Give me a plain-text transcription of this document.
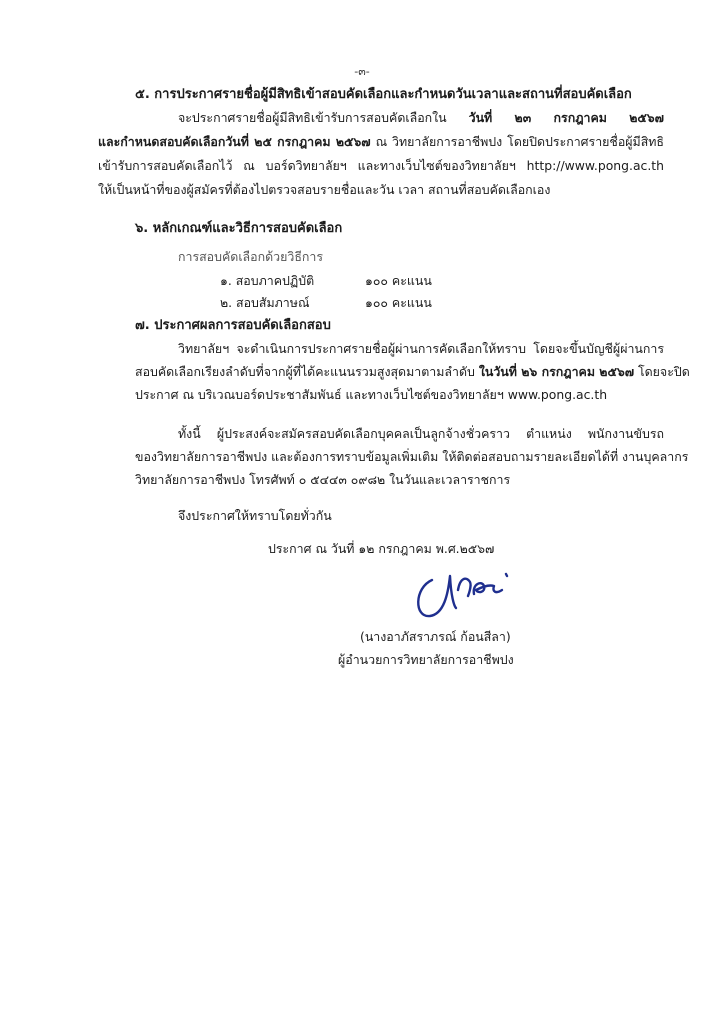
-๓-
๕. การประกาศรายชื่อผู้มีสิทธิเข้าสอบคัดเลือกและกำหนดวันเวลาและสถานที่สอบคัดเลือก
จะประกาศรายชื่อผู้มีสิทธิเข้ารับการสอบคัดเลือกใน วันที่ ๒๓ กรกฎาคม ๒๕๖๗
และกำหนดสอบคัดเลือกวันที่ ๒๕ กรกฎาคม ๒๕๖๗ ณ วิทยาลัยการอาชีพปง โดยปิดประกาศรายชื่อผู้มีสิทธิ
เข้ารับการสอบคัดเลือกไว้ ณ บอร์ดวิทยาลัยฯ และทางเว็บไซต์ของวิทยาลัยฯ http://www.pong.ac.th
ให้เป็นหน้าที่ของผู้สมัครที่ต้องไปตรวจสอบรายชื่อและวัน เวลา สถานที่สอบคัดเลือกเอง
๖. หลักเกณฑ์และวิธีการสอบคัดเลือก
การสอบคัดเลือกด้วยวิธีการ
๑. สอบภาคปฏิบัติ	๑๐๐ คะแนน
๒. สอบสัมภาษณ์	๑๐๐ คะแนน
๗. ประกาศผลการสอบคัดเลือกสอบ
วิทยาลัยฯ จะดำเนินการประกาศรายชื่อผู้ผ่านการคัดเลือกให้ทราบ โดยจะขึ้นบัญชีผู้ผ่านการ
สอบคัดเลือกเรียงลำดับที่จากผู้ที่ได้คะแนนรวมสูงสุดมาตามลำดับ ในวันที่ ๒๖ กรกฎาคม ๒๕๖๗ โดยจะปิด
ประกาศ ณ บริเวณบอร์ดประชาสัมพันธ์ และทางเว็บไซต์ของวิทยาลัยฯ www.pong.ac.th
ทั้งนี้ ผู้ประสงค์จะสมัครสอบคัดเลือกบุคคลเป็นลูกจ้างชั่วคราว ตำแหน่ง พนักงานขับรถ
ของวิทยาลัยการอาชีพปง และต้องการทราบข้อมูลเพิ่มเติม ให้ติดต่อสอบถามรายละเอียดได้ที่ งานบุคลากร
วิทยาลัยการอาชีพปง โทรศัพท์ ๐ ๕๔๔๓ ๐๙๘๒ ในวันและเวลาราชการ
จึงประกาศให้ทราบโดยทั่วกัน
ประกาศ ณ วันที่ ๑๒ กรกฎาคม พ.ศ.๒๕๖๗
(นางอาภัสราภรณ์ ก้อนสีลา)
ผู้อำนวยการวิทยาลัยการอาชีพปง
